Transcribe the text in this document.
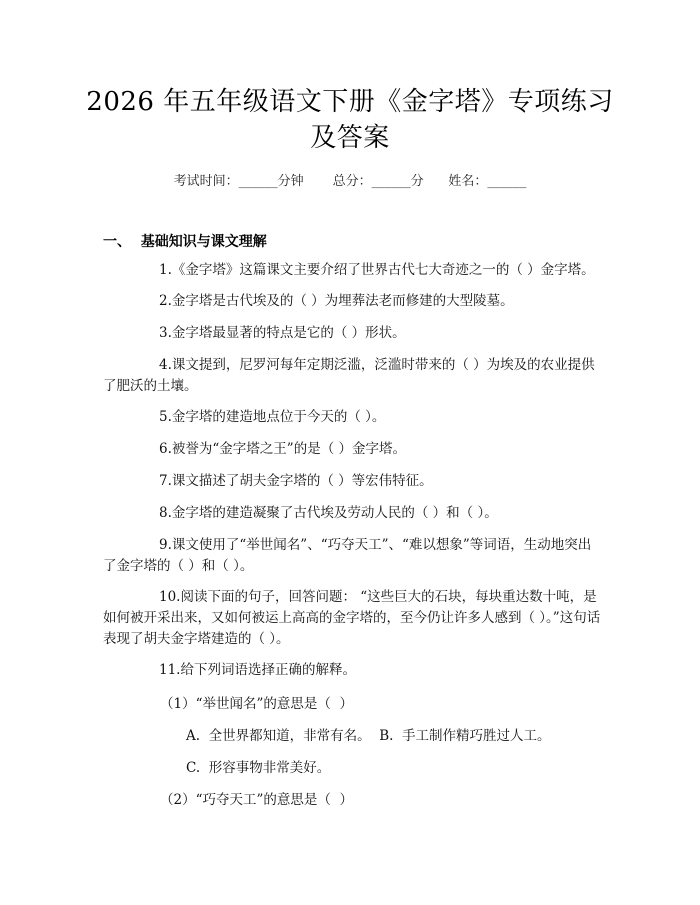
2026 年五年级语文下册《金字塔》专项练习
及答案
考试时间：______分钟 总分：______分 姓名：______
一、  基础知识与课文理解
1.《金字塔》这篇课文主要介绍了世界古代七大奇迹之一的（ ）金字塔。
2.金字塔是古代埃及的（ ）为埋葬法老而修建的大型陵墓。
3.金字塔最显著的特点是它的（ ）形状。
4.课文提到，尼罗河每年定期泛滥，泛滥时带来的（ ）为埃及的农业提供了肥沃的土壤。
5.金字塔的建造地点位于今天的（ ）。
6.被誉为“金字塔之王”的是（ ）金字塔。
7.课文描述了胡夫金字塔的（ ）等宏伟特征。
8.金字塔的建造凝聚了古代埃及劳动人民的（ ）和（ ）。
9.课文使用了“举世闻名”、“巧夺天工”、“难以想象”等词语，生动地突出了金字塔的（ ）和（ ）。
10.阅读下面的句子，回答问题： “这些巨大的石块，每块重达数十吨，是如何被开采出来，又如何被运上高高的金字塔的，至今仍让许多人感到（ ）。”这句话表现了胡夫金字塔建造的（ ）。
11.给下列词语选择正确的解释。
（1）“举世闻名”的意思是（  ）
A.  全世界都知道，非常有名。  B.  手工制作精巧胜过人工。
C.  形容事物非常美好。
（2）“巧夺天工”的意思是（  ）
